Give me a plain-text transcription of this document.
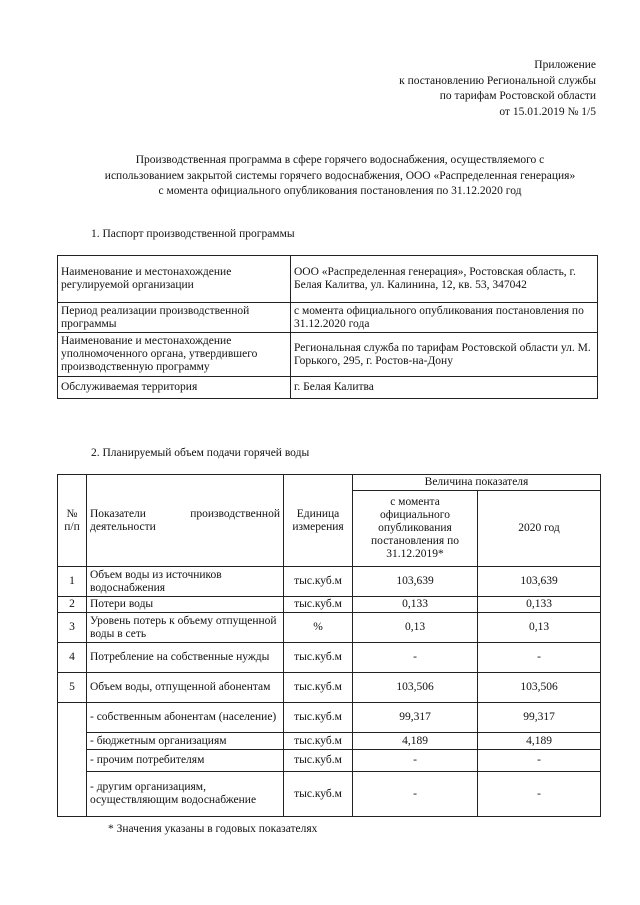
Приложение
к постановлению Региональной службы
по тарифам Ростовской области
от 15.01.2019 № 1/5
Производственная программа в сфере горячего водоснабжения, осуществляемого с
использованием закрытой системы горячего водоснабжения, ООО «Распределенная генерация»
с момента официального опубликования постановления по 31.12.2020 год
1. Паспорт производственной программы
Наименование и местонахождение регулируемой организации	ООО «Распределенная генерация», Ростовская область, г. Белая Калитва, ул. Калинина, 12, кв. 53, 347042
Период реализации производственной программы	с момента официального опубликования постановления по 31.12.2020 года
Наименование и местонахождение уполномоченного органа, утвердившего производственную программу	Региональная служба по тарифам Ростовской области ул. М. Горького, 295, г. Ростов-на-Дону
Обслуживаемая территория	г. Белая Калитва
2. Планируемый объем подачи горячей воды
№ п/п	Показатели производственной деятельности	Единица измерения	Величина показателя	
			с момента официального опубликования постановления по 31.12.2019*	2020 год
1	Объем воды из источников водоснабжения	тыс.куб.м	103,639	103,639
2	Потери воды	тыс.куб.м	0,133	0,133
3	Уровень потерь к объему отпущенной воды в сеть	%	0,13	0,13
4	Потребление на собственные нужды	тыс.куб.м	-	-
5	Объем воды, отпущенной абонентам	тыс.куб.м	103,506	103,506
	- собственным абонентам (население)	тыс.куб.м	99,317	99,317
	- бюджетным организациям	тыс.куб.м	4,189	4,189
	- прочим потребителям	тыс.куб.м	-	-
	- другим организациям, осуществляющим водоснабжение	тыс.куб.м	-	-
* Значения указаны в годовых показателях
